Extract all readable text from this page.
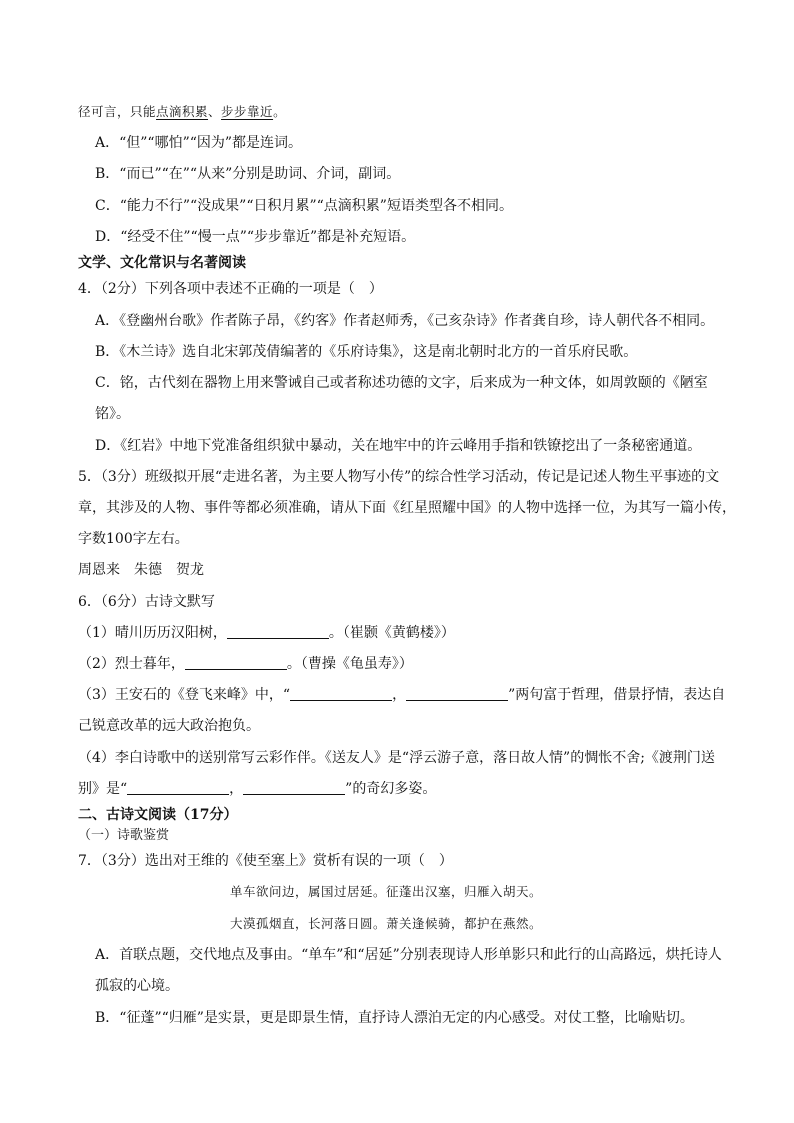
径可言，只能点滴积累、步步靠近。
A．“但”“哪怕”“因为”都是连词。
B．“而已”“在”“从来”分别是助词、介词，副词。
C．“能力不行”“没成果”“日积月累”“点滴积累”短语类型各不相同。
D．“经受不住”“慢一点”“步步靠近”都是补充短语。
文学、文化常识与名著阅读
4．（2分）下列各项中表述不正确的一项是（　）
A．《登幽州台歌》作者陈子昂，《约客》作者赵师秀，《己亥杂诗》作者龚自珍，诗人朝代各不相同。
B．《木兰诗》选自北宋郭茂倩编著的《乐府诗集》，这是南北朝时北方的一首乐府民歌。
C．铭，古代刻在器物上用来警诫自己或者称述功德的文字，后来成为一种文体，如周敦颐的《陋室
铭》。
D．《红岩》中地下党准备组织狱中暴动，关在地牢中的许云峰用手指和铁镣挖出了一条秘密通道。
5．（3分）班级拟开展“走进名著，为主要人物写小传”的综合性学习活动，传记是记述人物生平事迹的文
章，其涉及的人物、事件等都必须准确，请从下面《红星照耀中国》的人物中选择一位，为其写一篇小传，
字数100字左右。
周恩来　朱德　贺龙
6．（6分）古诗文默写
（1）晴川历历汉阳树，	。（崔颢《黄鹤楼》）
（2）烈士暮年，	。（曹操《龟虽寿》）
（3）王安石的《登飞来峰》中，“	，	”两句富于哲理，借景抒情，表达自
己锐意改革的远大政治抱负。
（4）李白诗歌中的送别常写云彩作伴。《送友人》是“浮云游子意，落日故人情”的惆怅不舍;《渡荆门送
别》是“	，	”的奇幻多姿。
二、古诗文阅读（17分）
（一）诗歌鉴赏
7．（3分）选出对王维的《使至塞上》赏析有误的一项（　）
单车欲问边，属国过居延。征蓬出汉塞，归雁入胡天。
大漠孤烟直，长河落日圆。萧关逢候骑，都护在燕然。
A．首联点题，交代地点及事由。“单车”和“居延”分别表现诗人形单影只和此行的山高路远，烘托诗人
孤寂的心境。
B．“征蓬”“归雁”是实景，更是即景生情，直抒诗人漂泊无定的内心感受。对仗工整，比喻贴切。
